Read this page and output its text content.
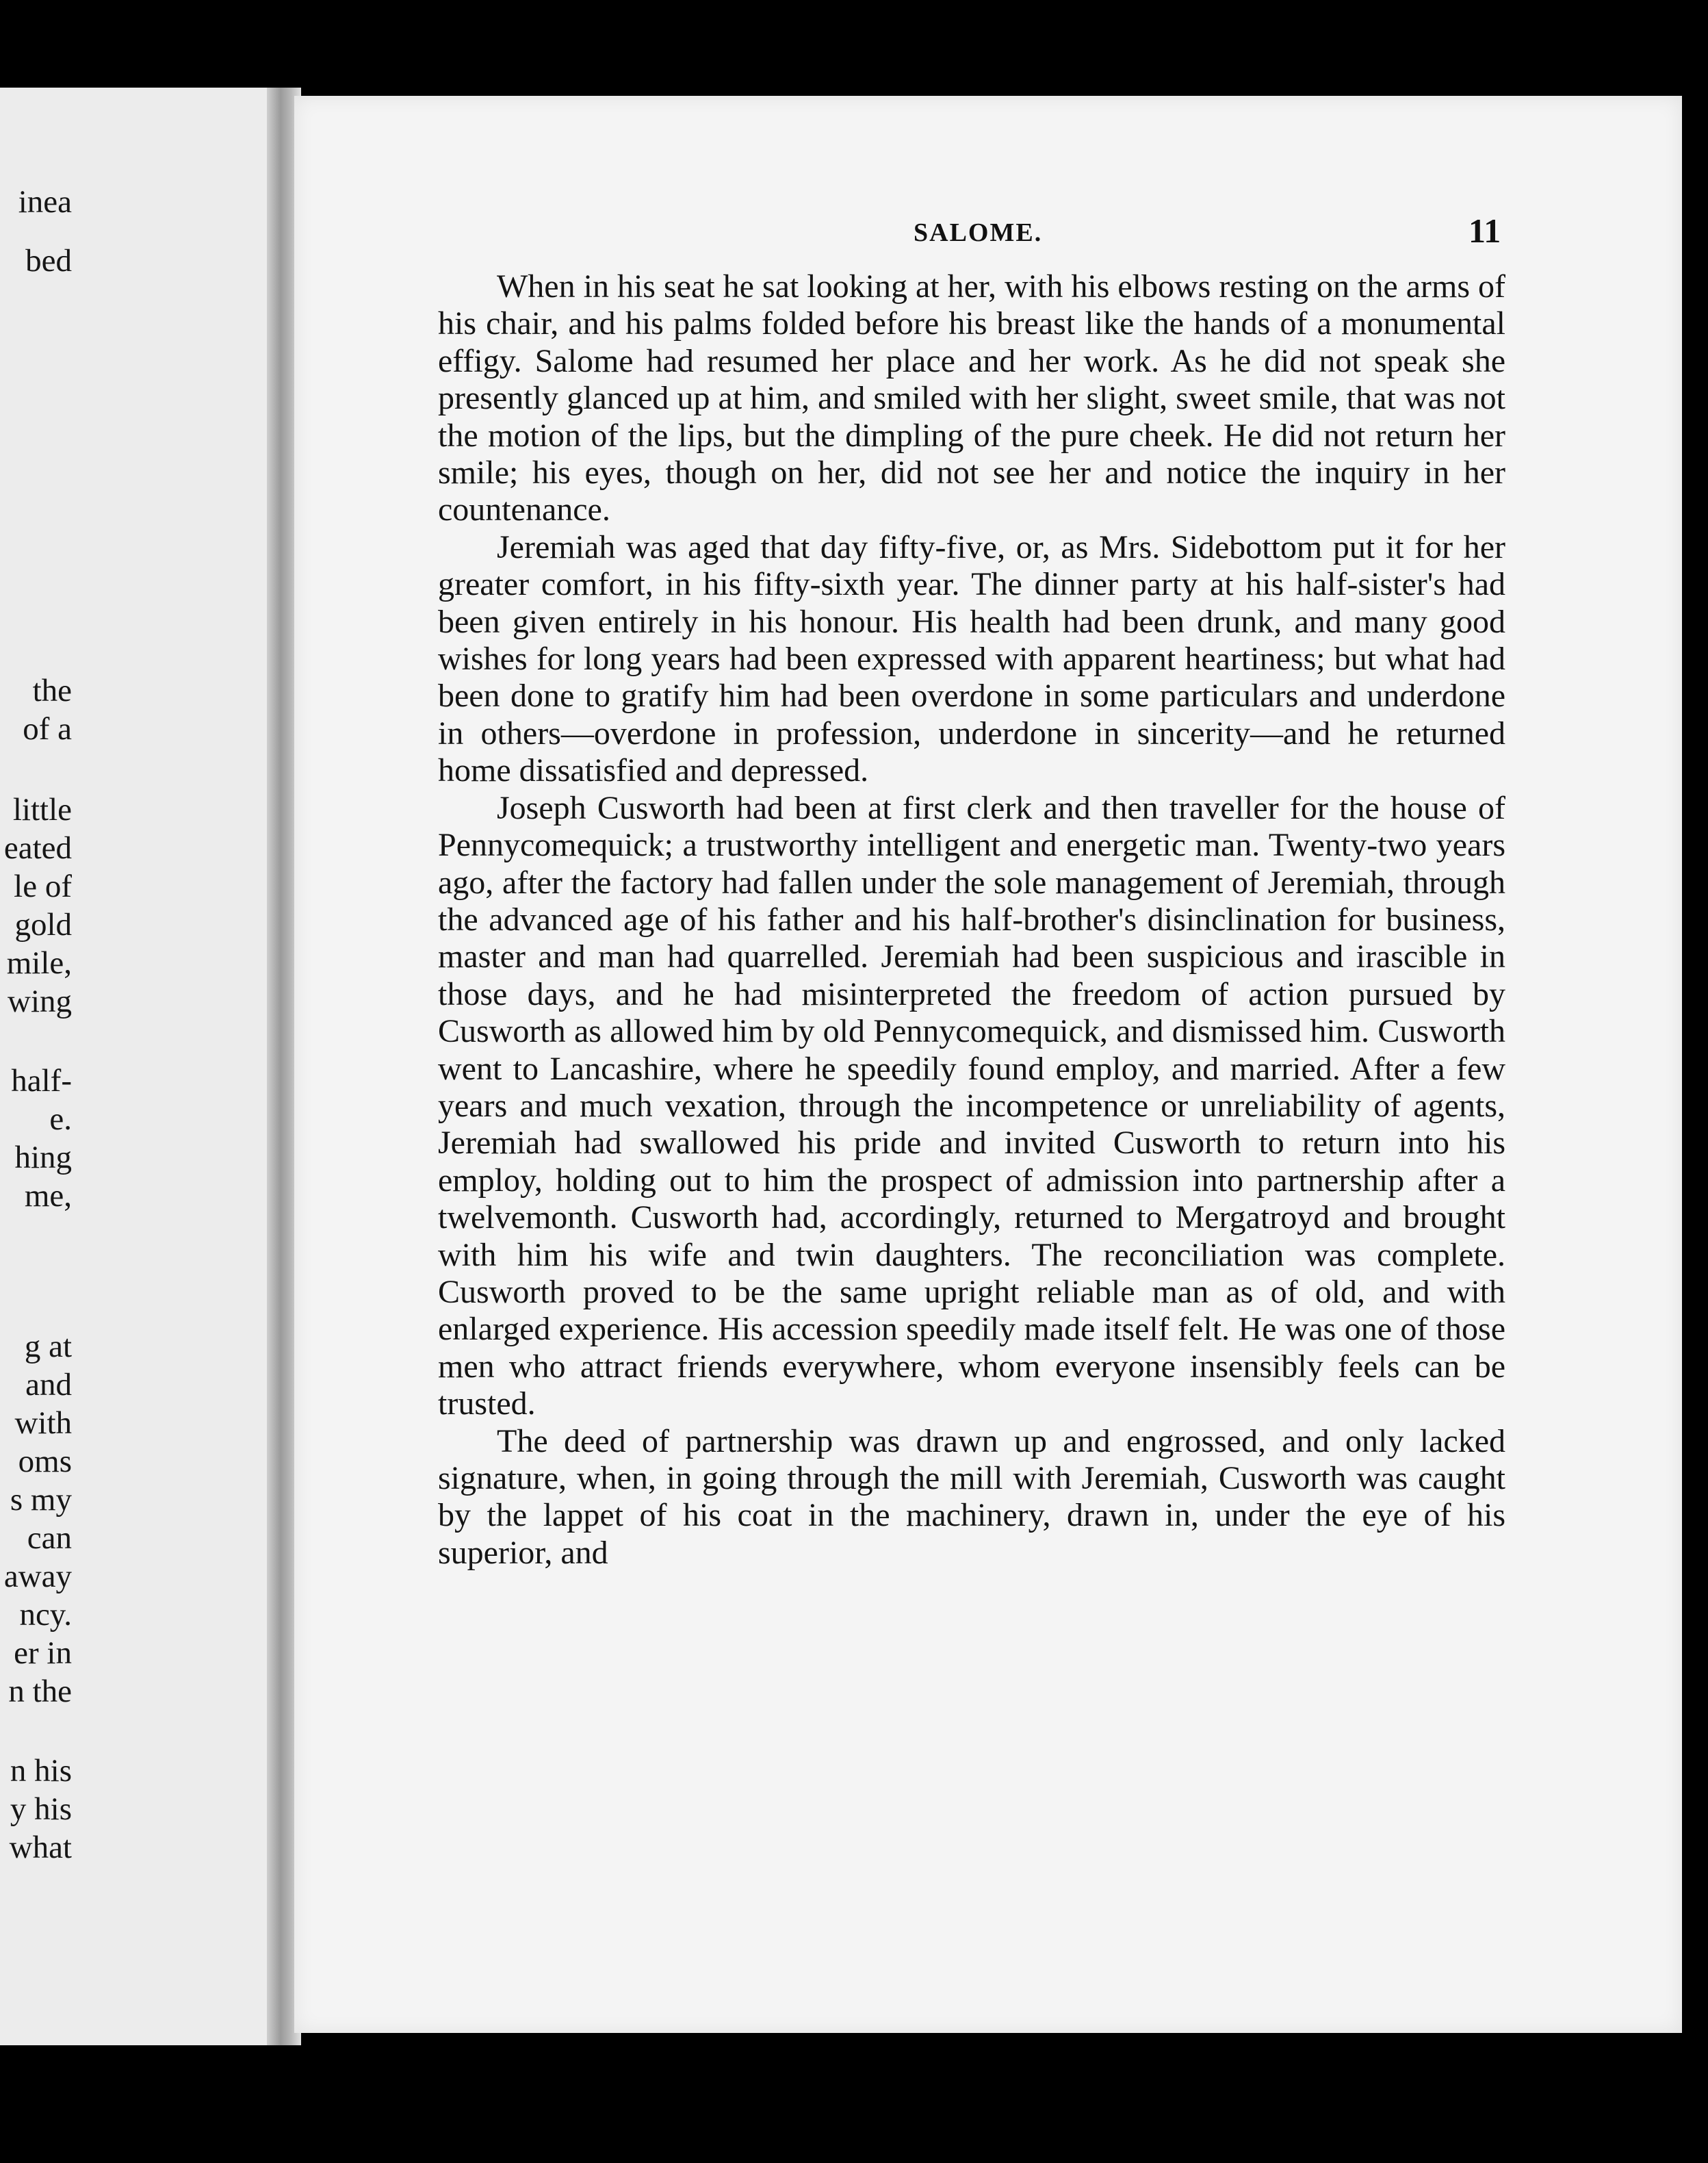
inea
bed
the
of a
little
eated
le of
gold
mile,
wing
half-
e.
hing
me,
g at
and
with
oms
s my
can
away
ncy.
er in
n the
n his
y his
what
SALOME.	11

When in his seat he sat looking at her, with his elbows resting on the arms of his chair, and his palms folded before his breast like the hands of a monumental effigy. Salome had resumed her place and her work. As he did not speak she presently glanced up at him, and smiled with her slight, sweet smile, that was not the motion of the lips, but the dimpling of the pure cheek. He did not return her smile; his eyes, though on her, did not see her and notice the inquiry in her countenance.

Jeremiah was aged that day fifty-five, or, as Mrs. Sidebottom put it for her greater comfort, in his fifty-sixth year. The dinner party at his half-sister's had been given entirely in his honour. His health had been drunk, and many good wishes for long years had been expressed with apparent heartiness; but what had been done to gratify him had been overdone in some particulars and underdone in others—overdone in profession, underdone in sincerity—and he returned home dissatisfied and depressed.

Joseph Cusworth had been at first clerk and then traveller for the house of Pennycomequick; a trustworthy intelligent and energetic man. Twenty-two years ago, after the factory had fallen under the sole management of Jeremiah, through the advanced age of his father and his half-brother's disinclination for business, master and man had quarrelled. Jeremiah had been suspicious and irascible in those days, and he had misinterpreted the freedom of action pursued by Cusworth as allowed him by old Pennycomequick, and dismissed him. Cusworth went to Lancashire, where he speedily found employ, and married. After a few years and much vexation, through the incompetence or unreliability of agents, Jeremiah had swallowed his pride and invited Cusworth to return into his employ, holding out to him the prospect of admission into partnership after a twelvemonth. Cusworth had, accordingly, returned to Mergatroyd and brought with him his wife and twin daughters. The reconciliation was complete. Cusworth proved to be the same upright reliable man as of old, and with enlarged experience. His accession speedily made itself felt. He was one of those men who attract friends everywhere, whom everyone insensibly feels can be trusted.

The deed of partnership was drawn up and engrossed, and only lacked signature, when, in going through the mill with Jeremiah, Cusworth was caught by the lappet of his coat in the machinery, drawn in, under the eye of his superior, and
